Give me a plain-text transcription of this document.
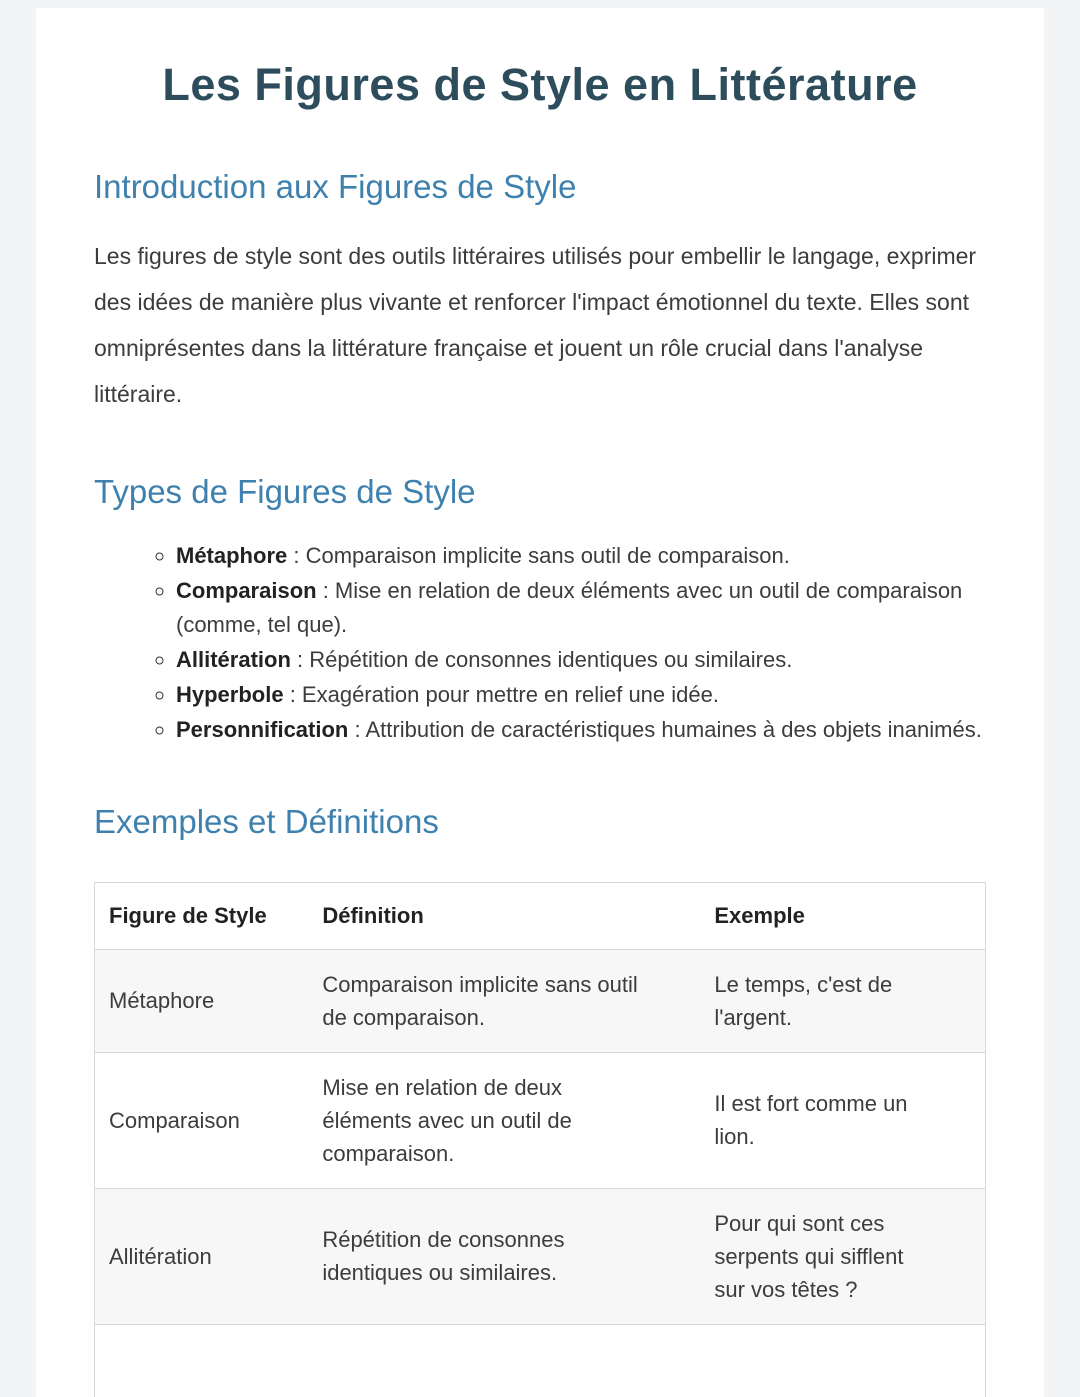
Les Figures de Style en Littérature
Introduction aux Figures de Style

Les figures de style sont des outils littéraires utilisés pour embellir le langage, exprimer des idées de manière plus vivante et renforcer l'impact émotionnel du texte. Elles sont omniprésentes dans la littérature française et jouent un rôle crucial dans l'analyse littéraire.

Types de Figures de Style
◦ Métaphore : Comparaison implicite sans outil de comparaison.
◦ Comparaison : Mise en relation de deux éléments avec un outil de comparaison (comme, tel que).
◦ Allitération : Répétition de consonnes identiques ou similaires.
◦ Hyperbole : Exagération pour mettre en relief une idée.
◦ Personnification : Attribution de caractéristiques humaines à des objets inanimés.
Exemples et Définitions
Figure de Style	Définition	Exemple
Métaphore	Comparaison implicite sans outil de comparaison.	Le temps, c'est de l'argent.
Comparaison	Mise en relation de deux éléments avec un outil de comparaison.	Il est fort comme un lion.
Allitération	Répétition de consonnes identiques ou similaires.	Pour qui sont ces serpents qui sifflent sur vos têtes ?
